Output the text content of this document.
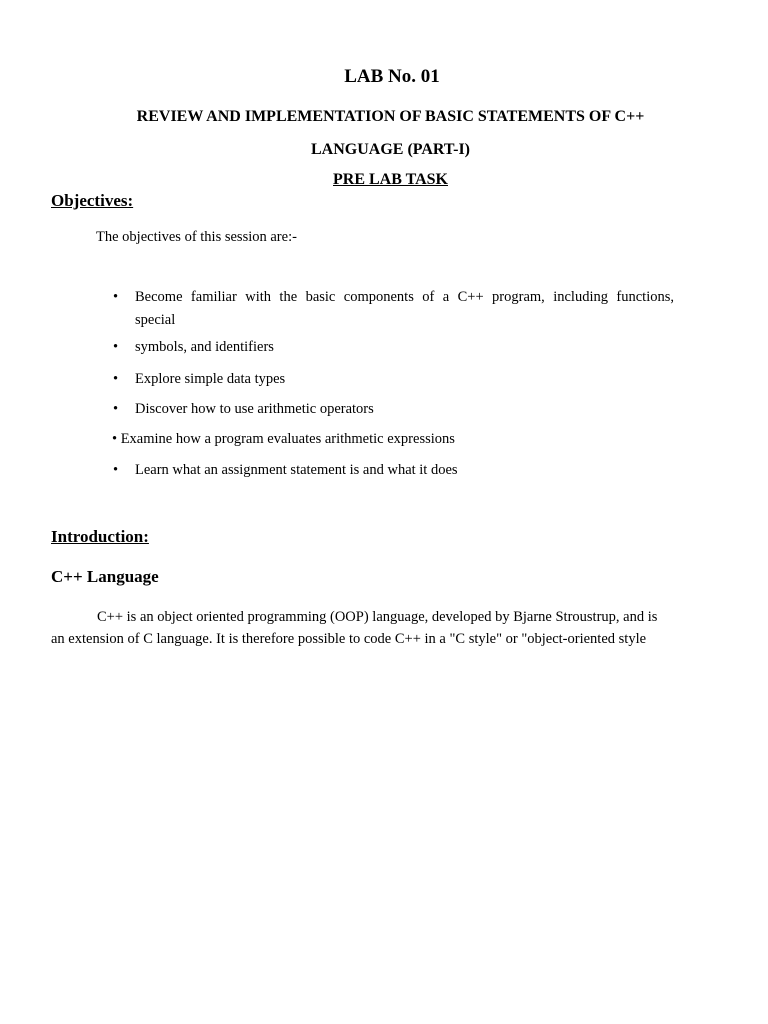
LAB No. 01
REVIEW AND IMPLEMENTATION OF BASIC STATEMENTS OF C++
LANGUAGE (PART-I)
PRE LAB TASK
Objectives:
The objectives of this session are:-
• Become familiar with the basic components of a C++ program, including functions,
special
• symbols, and identifiers
• Explore simple data types
• Discover how to use arithmetic operators
• Examine how a program evaluates arithmetic expressions
• Learn what an assignment statement is and what it does
Introduction:
C++ Language
C++ is an object oriented programming (OOP) language, developed by Bjarne Stroustrup, and is
an extension of C language. It is therefore possible to code C++ in a "C style" or "object-oriented style
